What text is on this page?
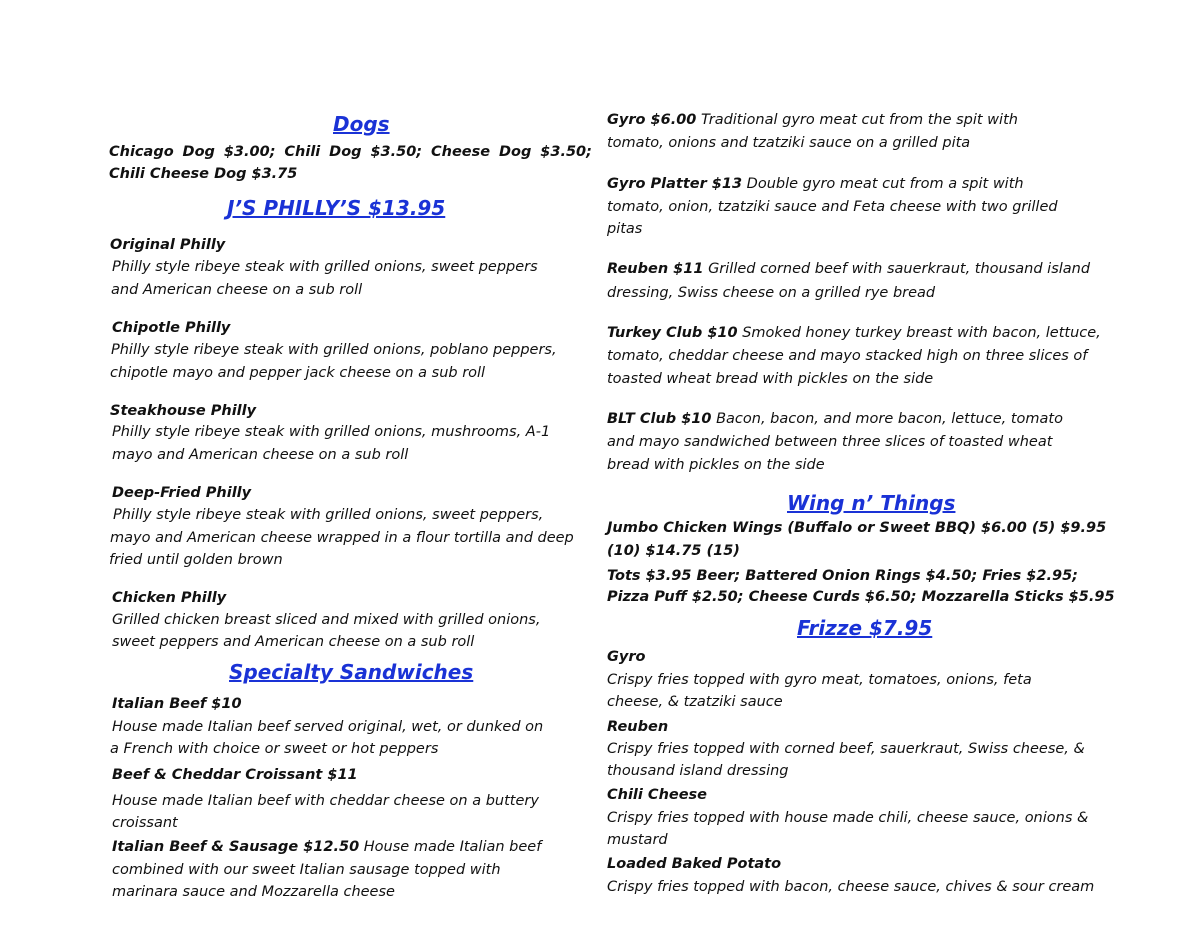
Dogs
Chicago Dog $3.00; Chili Dog $3.50; Cheese Dog $3.50;
Chili Cheese Dog $3.75
J’S PHILLY’S $13.95
Original Philly
Philly style ribeye steak with grilled onions, sweet peppers
and American cheese on a sub roll
Chipotle Philly
Philly style ribeye steak with grilled onions, poblano peppers,
chipotle mayo and pepper jack cheese on a sub roll
Steakhouse Philly
Philly style ribeye steak with grilled onions, mushrooms, A-1
mayo and American cheese on a sub roll
Deep-Fried Philly
Philly style ribeye steak with grilled onions, sweet peppers,
mayo and American cheese wrapped in a flour tortilla and deep
fried until golden brown
Chicken Philly
Grilled chicken breast sliced and mixed with grilled onions,
sweet peppers and American cheese on a sub roll
Specialty Sandwiches
Italian Beef $10
House made Italian beef served original, wet, or dunked on
a French with choice or sweet or hot peppers
Beef & Cheddar Croissant $11
House made Italian beef with cheddar cheese on a buttery
croissant
Italian Beef & Sausage $12.50 House made Italian beef
combined with our sweet Italian sausage topped with
marinara sauce and Mozzarella cheese
Gyro $6.00 Traditional gyro meat cut from the spit with
tomato, onions and tzatziki sauce on a grilled pita
Gyro Platter $13 Double gyro meat cut from a spit with
tomato, onion, tzatziki sauce and Feta cheese with two grilled
pitas
Reuben $11 Grilled corned beef with sauerkraut, thousand island
dressing, Swiss cheese on a grilled rye bread
Turkey Club $10 Smoked honey turkey breast with bacon, lettuce,
tomato, cheddar cheese and mayo stacked high on three slices of
toasted wheat bread with pickles on the side
BLT Club $10 Bacon, bacon, and more bacon, lettuce, tomato
and mayo sandwiched between three slices of toasted wheat
bread with pickles on the side
Wing n’ Things
Jumbo Chicken Wings (Buffalo or Sweet BBQ) $6.00 (5) $9.95
(10) $14.75 (15)
Tots $3.95 Beer; Battered Onion Rings $4.50; Fries $2.95;
Pizza Puff $2.50; Cheese Curds $6.50; Mozzarella Sticks $5.95
Frizze $7.95
Gyro
Crispy fries topped with gyro meat, tomatoes, onions, feta
cheese, & tzatziki sauce
Reuben
Crispy fries topped with corned beef, sauerkraut, Swiss cheese, &
thousand island dressing
Chili Cheese
Crispy fries topped with house made chili, cheese sauce, onions &
mustard
Loaded Baked Potato
Crispy fries topped with bacon, cheese sauce, chives & sour cream
